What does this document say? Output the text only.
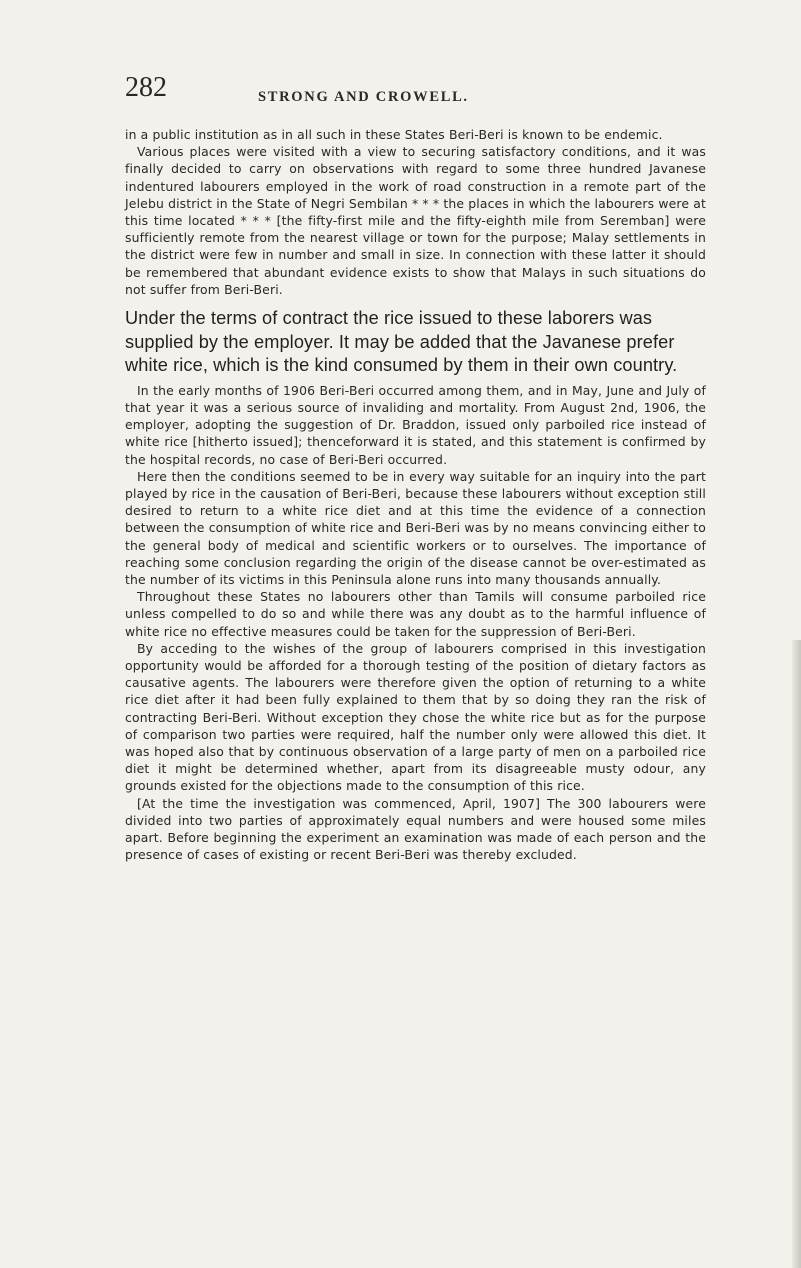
282	STRONG AND CROWELL.

in a public institution as in all such in these States Beri-Beri is known to be endemic.

Various places were visited with a view to securing satisfactory conditions, and it was finally decided to carry on observations with regard to some three hundred Javanese indentured labourers employed in the work of road construction in a remote part of the Jelebu district in the State of Negri Sembilan * * * the places in which the labourers were at this time located * * * [the fifty-first mile and the fifty-eighth mile from Seremban] were sufficiently remote from the nearest village or town for the purpose; Malay settlements in the district were few in number and small in size. In connection with these latter it should be remembered that abundant evidence exists to show that Malays in such situations do not suffer from Beri-Beri.

Under the terms of contract the rice issued to these laborers was supplied by the employer. It may be added that the Javanese prefer white rice, which is the kind consumed by them in their own country.

In the early months of 1906 Beri-Beri occurred among them, and in May, June and July of that year it was a serious source of invaliding and mortality. From August 2nd, 1906, the employer, adopting the suggestion of Dr. Braddon, issued only parboiled rice instead of white rice [hitherto issued]; thenceforward it is stated, and this statement is confirmed by the hospital records, no case of Beri-Beri occurred.

Here then the conditions seemed to be in every way suitable for an inquiry into the part played by rice in the causation of Beri-Beri, because these labourers without exception still desired to return to a white rice diet and at this time the evidence of a connection between the consumption of white rice and Beri-Beri was by no means convincing either to the general body of medical and scientific workers or to ourselves. The importance of reaching some conclusion regarding the origin of the disease cannot be over-estimated as the number of its victims in this Peninsula alone runs into many thousands annually.

Throughout these States no labourers other than Tamils will consume parboiled rice unless compelled to do so and while there was any doubt as to the harmful influence of white rice no effective measures could be taken for the suppression of Beri-Beri.

By acceding to the wishes of the group of labourers comprised in this investigation opportunity would be afforded for a thorough testing of the position of dietary factors as causative agents. The labourers were therefore given the option of returning to a white rice diet after it had been fully explained to them that by so doing they ran the risk of contracting Beri-Beri. Without exception they chose the white rice but as for the purpose of comparison two parties were required, half the number only were allowed this diet. It was hoped also that by continuous observation of a large party of men on a parboiled rice diet it might be determined whether, apart from its disagreeable musty odour, any grounds existed for the objections made to the consumption of this rice.

[At the time the investigation was commenced, April, 1907] The 300 labourers were divided into two parties of approximately equal numbers and were housed some miles apart. Before beginning the experiment an examination was made of each person and the presence of cases of existing or recent Beri-Beri was thereby excluded.
